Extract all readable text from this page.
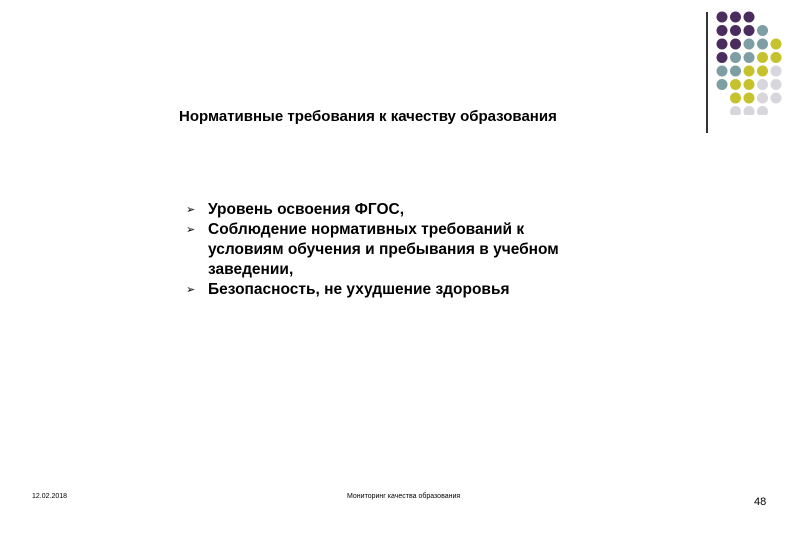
Нормативные требования к качеству образования
➢ Уровень освоения ФГОС,
➢ Соблюдение нормативных требований к условиям обучения и пребывания в учебном заведении,
➢ Безопасность, не ухудшение здоровья
12.02.2018	Мониторинг качества образования	48
